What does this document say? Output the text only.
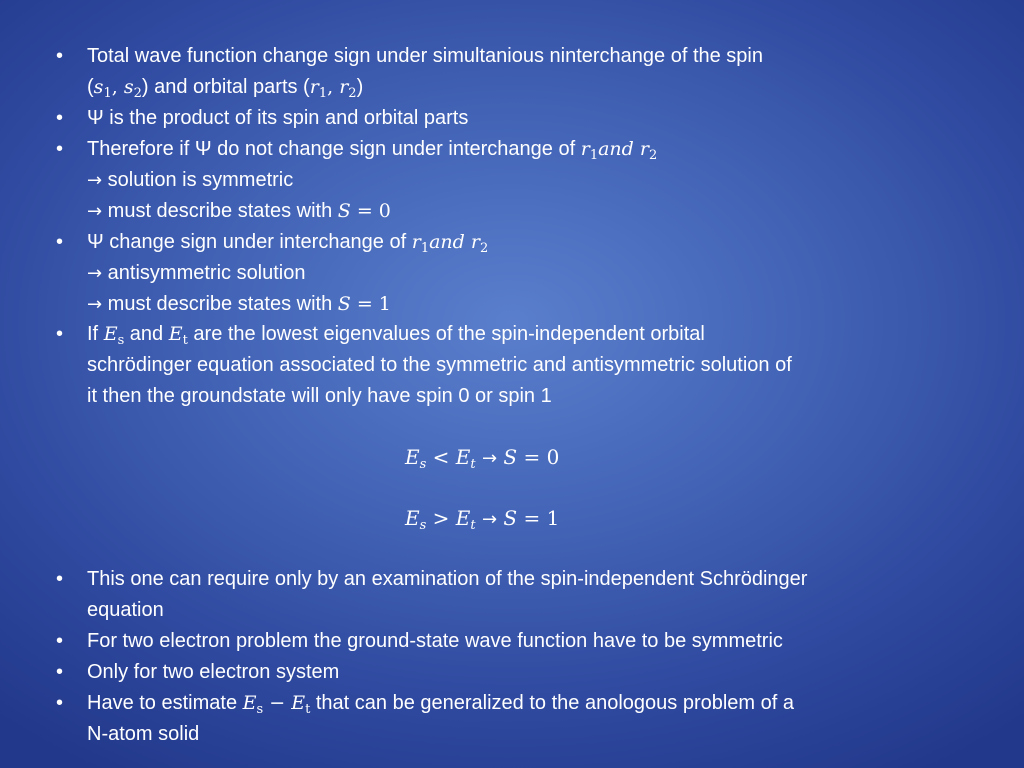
• Total wave function change sign under simultanious ninterchange of the spin
($s_1$, $s_2$) and orbital parts ($r_1$, $r_2$)
• Ψ is the product of its spin and orbital parts
• Therefore if Ψ do not change sign under interchange of $r_1and$ $r_2$
→ solution is symmetric
→ must describe states with S = 0
• Ψ change sign under interchange of $r_1and$ $r_2$
→ antisymmetric solution
→ must describe states with S = 1
• If $E_s$ and $E_t$ are the lowest eigenvalues of the spin-independent orbital
schrödinger equation associated to the symmetric and antisymmetric solution of
it then the groundstate will only have spin 0 or spin 1
$E_s < E_t \to S = 0$
$E_s > E_t \to S = 1$
• This one can require only by an examination of the spin-independent Schrödinger
equation
• For two electron problem the ground-state wave function have to be symmetric
• Only for two electron system
• Have to estimate $E_s - E_t$ that can be generalized to the anologous problem of a
N-atom solid
